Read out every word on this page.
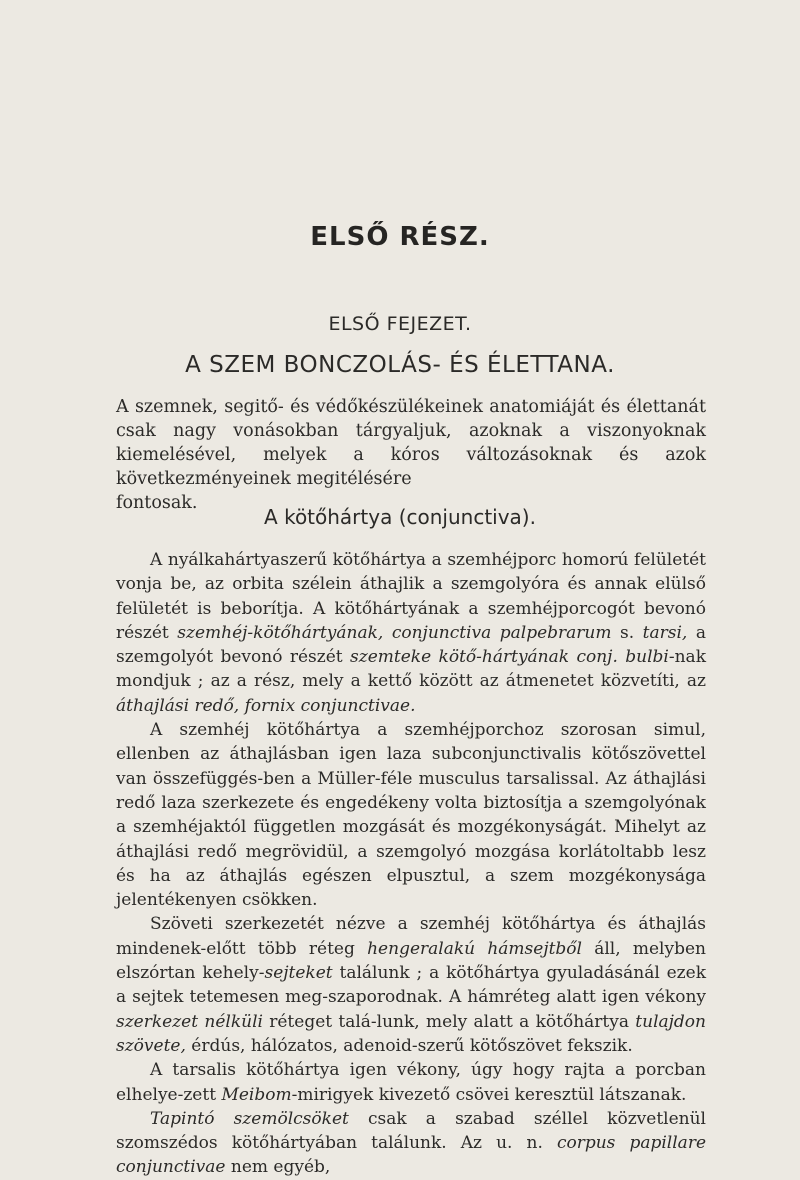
ELSŐ RÉSZ.
ELSŐ FEJEZET.
A SZEM BONCZOLÁS- ÉS ÉLETTANA.
A szemnek, segitő- és védőkészülékeinek anatomiáját és élettanát csak nagy vonásokban tárgyaljuk, azoknak a viszonyoknak kiemelésével, melyek a kóros változásoknak és azok következményeinek megitélésére
fontosak.
A kötőhártya (conjunctiva).

A nyálkahártyaszerű kötőhártya a szemhéjporc homorú felületét vonja be, az orbita szélein áthajlik a szemgolyóra és annak elülső felületét is beborítja. A kötőhártyának a szemhéjporcogót bevonó részét szemhéj-kötőhártyának, conjunctiva palpebrarum s. tarsi, a szemgolyót bevonó részét szemteke kötő-hártyának conj. bulbi-nak mondjuk ; az a rész, mely a kettő között az átmenetet közvetíti, az áthajlási redő, fornix conjunctivae.

A szemhéj kötőhártya a szemhéjporchoz szorosan simul, ellenben az áthajlásban igen laza subconjunctivalis kötőszövettel van összefüggés-ben a Müller-féle musculus tarsalissal. Az áthajlási redő laza szerkezete és engedékeny volta biztosítja a szemgolyónak a szemhéjaktól független mozgását és mozgékonyságát. Mihelyt az áthajlási redő megrövidül, a szemgolyó mozgása korlátoltabb lesz és ha az áthajlás egészen elpusztul, a szem mozgékonysága jelentékenyen csökken.

Szöveti szerkezetét nézve a szemhéj kötőhártya és áthajlás mindenek-előtt több réteg hengeralakú hámsejtből áll, melyben elszórtan kehely-sejteket találunk ; a kötőhártya gyuladásánál ezek a sejtek tetemesen meg-szaporodnak. A hámréteg alatt igen vékony szerkezet nélküli réteget talá-lunk, mely alatt a kötőhártya tulajdon szövete, érdús, hálózatos, adenoid-szerű kötőszövet fekszik.

A tarsalis kötőhártya igen vékony, úgy hogy rajta a porcban elhelye-zett Meibom-mirigyek kivezető csövei keresztül látszanak.

Tapintó szemölcsöket csak a szabad széllel közvetlenül szomszédos kötőhártyában találunk. Az u. n. corpus papillare conjunctivae nem egyéb,
